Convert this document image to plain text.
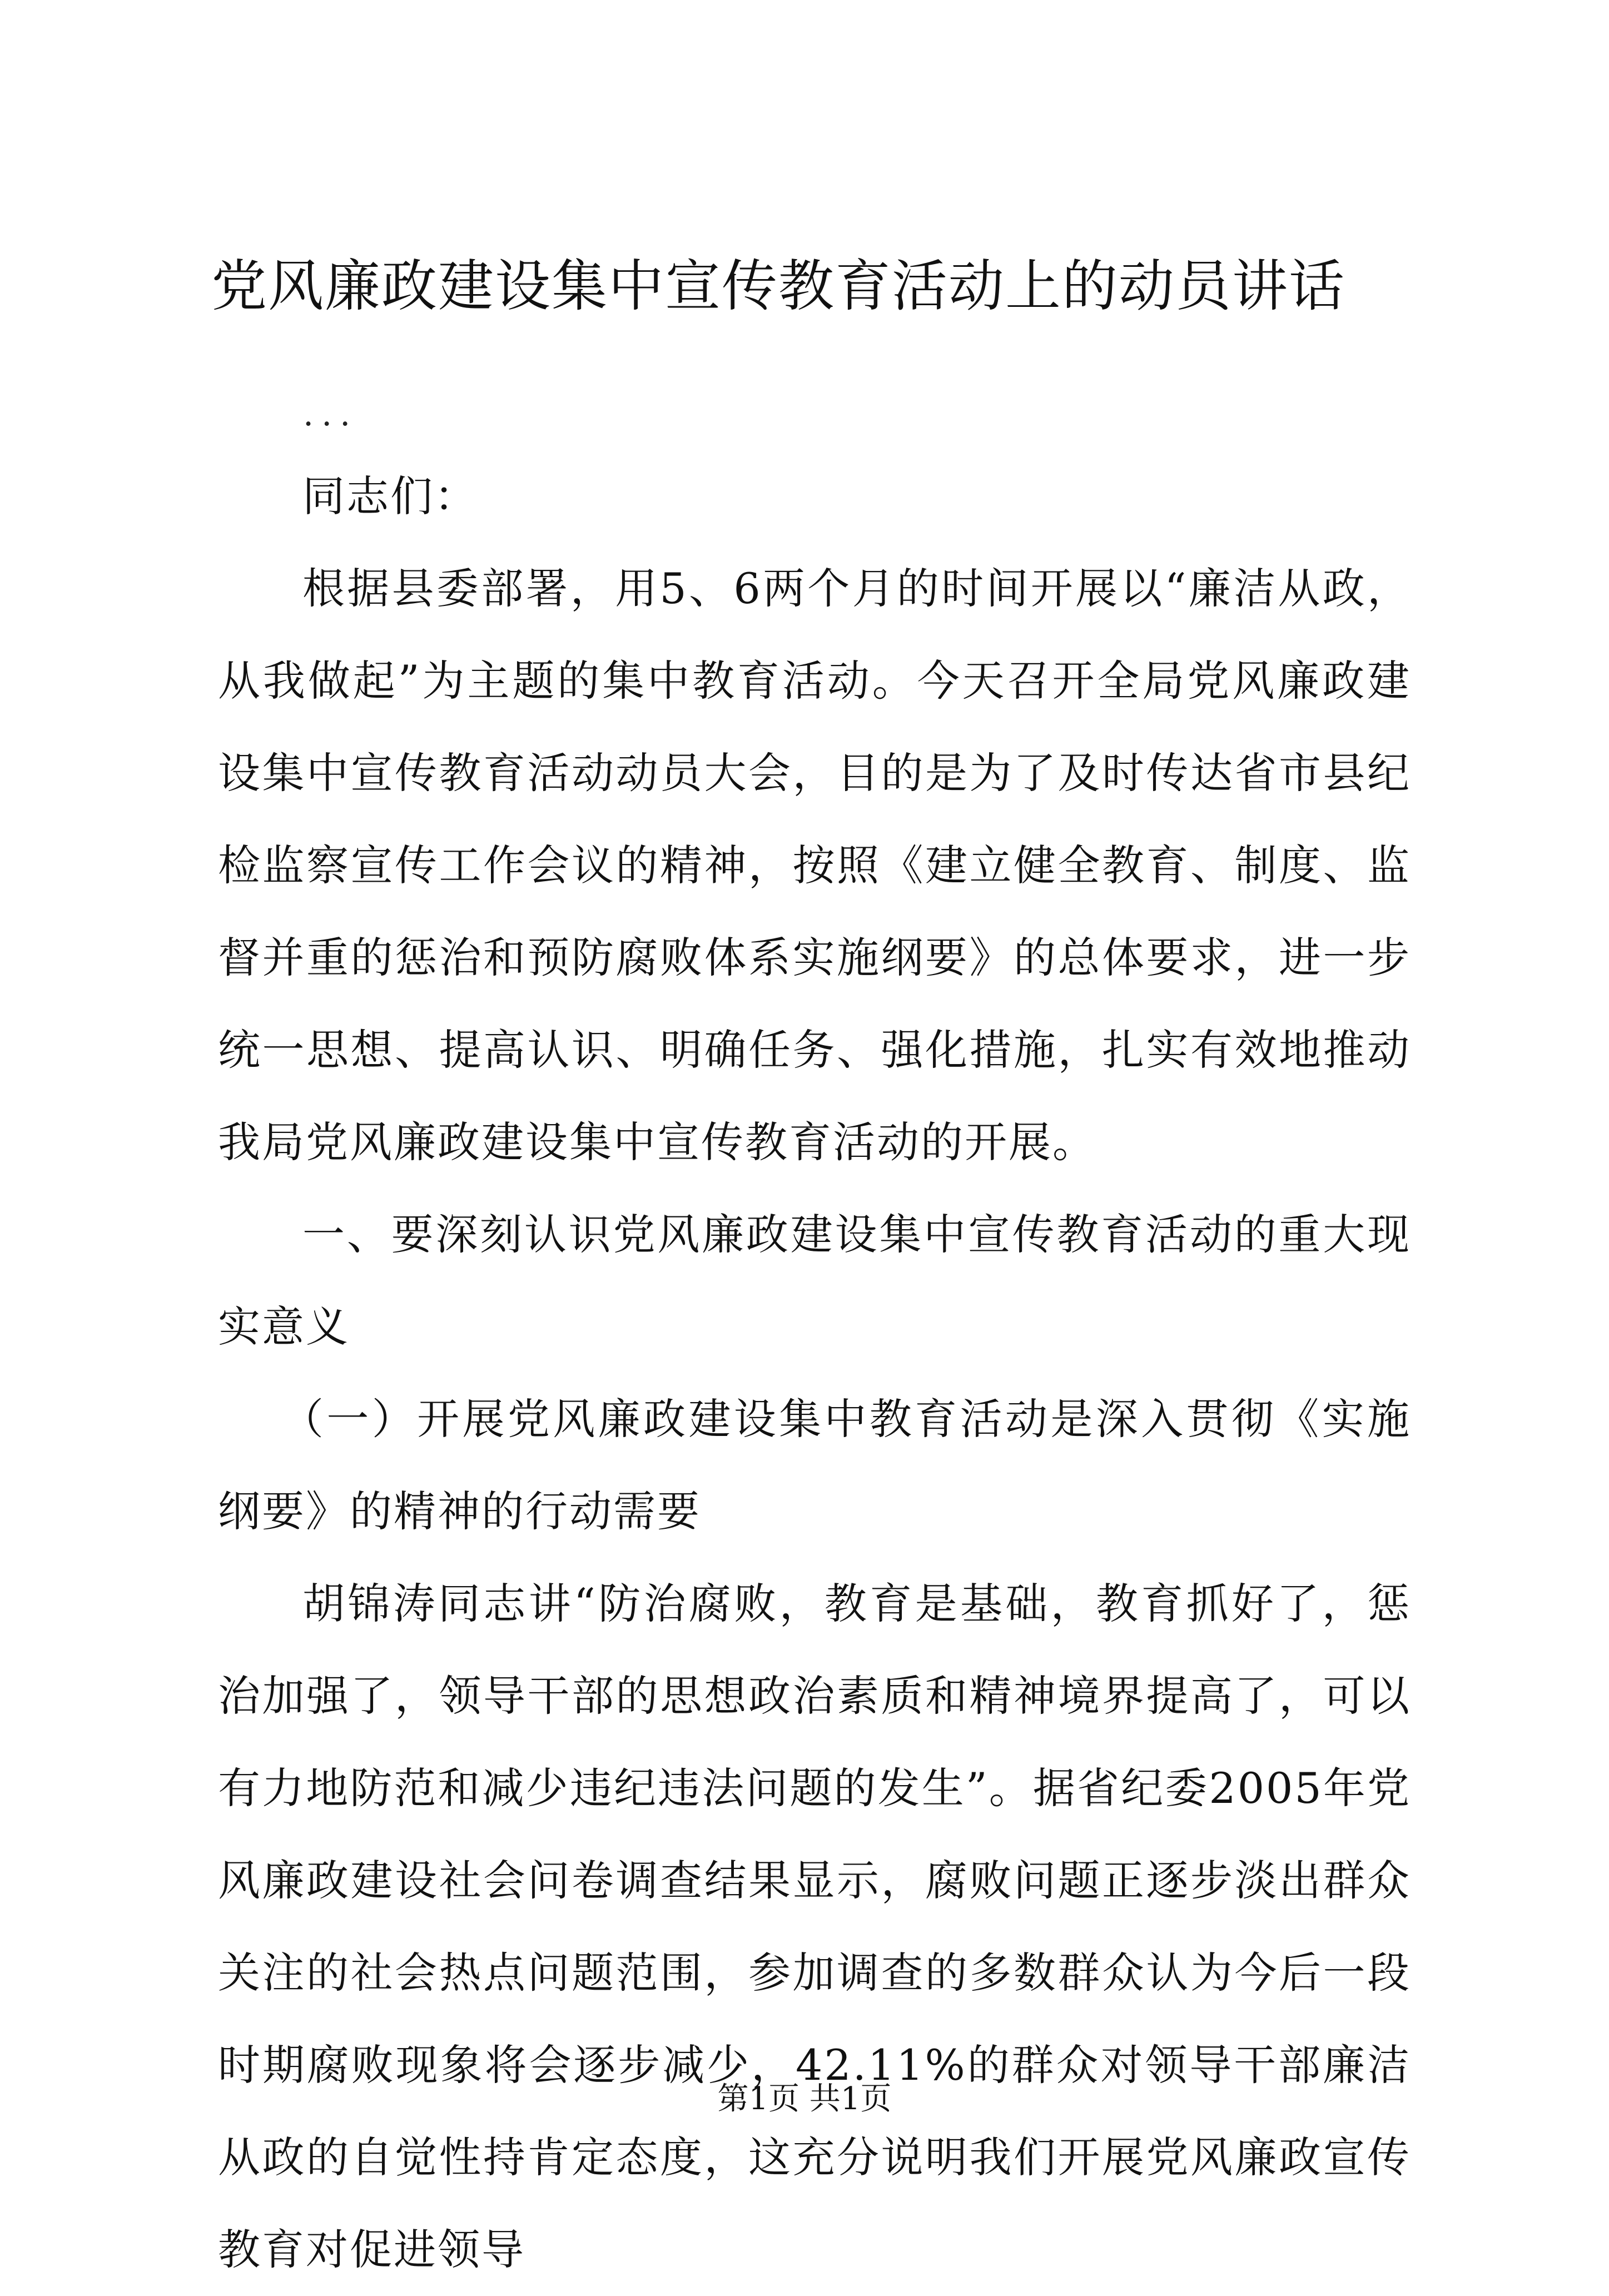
党风廉政建设集中宣传教育活动上的动员讲话
...

同志们：

根据县委部署，用5、6两个月的时间开展以“廉洁从政，从我做起”为主题的集中教育活动。今天召开全局党风廉政建设集中宣传教育活动动员大会，目的是为了及时传达省市县纪检监察宣传工作会议的精神，按照《建立健全教育、制度、监督并重的惩治和预防腐败体系实施纲要》的总体要求，进一步统一思想、提高认识、明确任务、强化措施，扎实有效地推动我局党风廉政建设集中宣传教育活动的开展。

一、要深刻认识党风廉政建设集中宣传教育活动的重大现实意义

（一）开展党风廉政建设集中教育活动是深入贯彻《实施纲要》的精神的行动需要

胡锦涛同志讲“防治腐败，教育是基础，教育抓好了，惩治加强了，领导干部的思想政治素质和精神境界提高了，可以有力地防范和减少违纪违法问题的发生”。据省纪委2005年党风廉政建设社会问卷调查结果显示，腐败问题正逐步淡出群众关注的社会热点问题范围，参加调查的多数群众认为今后一段时期腐败现象将会逐步减少，42.11%的群众对领导干部廉洁从政的自觉性持肯定态度，这充分说明我们开展党风廉政宣传教育对促进领导

第1页 共1页
